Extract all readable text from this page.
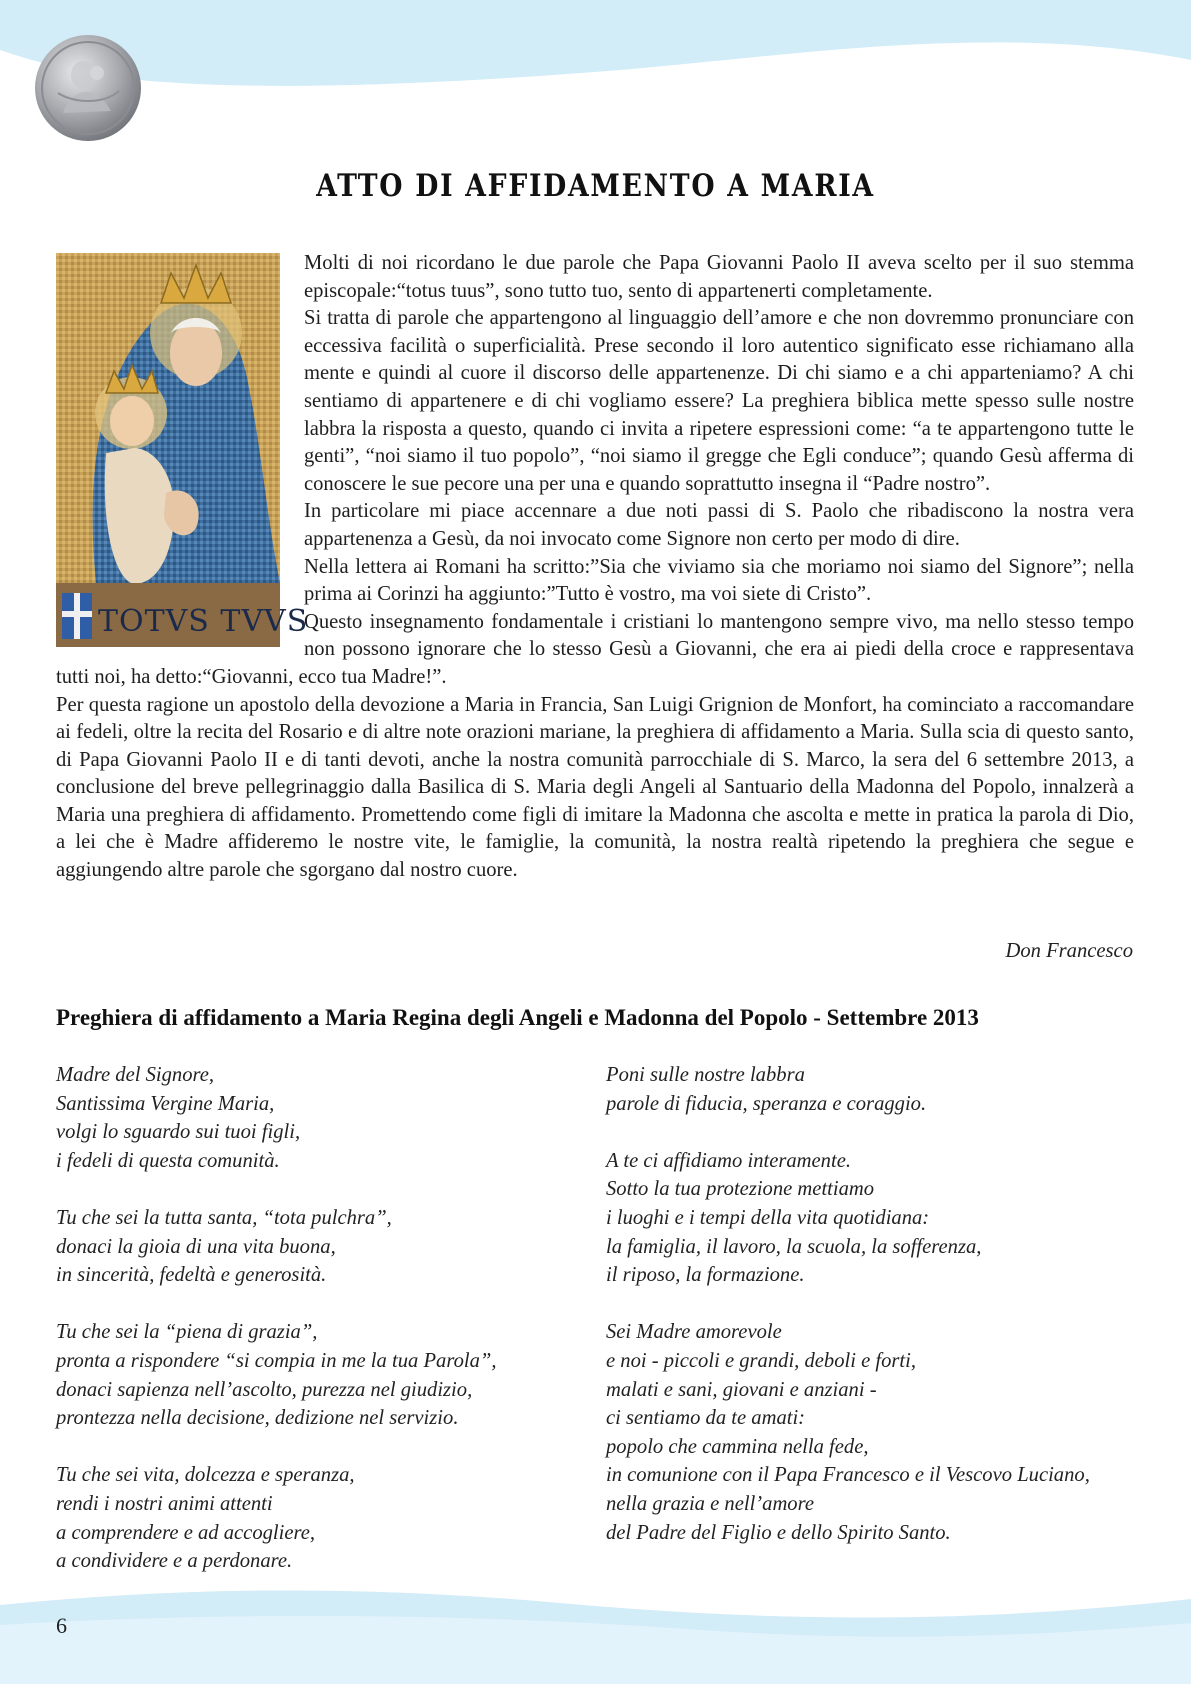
ATTO DI AFFIDAMENTO A MARIA
TOTVS TVVS

Molti di noi ricordano le due parole che Papa Giovanni Paolo II aveva scelto per il suo stemma episcopale:“totus tuus”, sono tutto tuo, sento di appartenerti completamente.

Si tratta di parole che appartengono al linguaggio dell’amore e che non dovremmo pronunciare con eccessiva facilità o superficialità. Prese secondo il loro autentico significato esse richiamano alla mente e quindi al cuore il discorso delle appartenenze. Di chi siamo e a chi apparteniamo? A chi sentiamo di appartenere e di chi vogliamo essere? La preghiera biblica mette spesso sulle nostre labbra la risposta a questo, quando ci invita a ripetere espressioni come: “a te appartengono tutte le genti”, “noi siamo il tuo popolo”, “noi siamo il gregge che Egli conduce”; quando Gesù afferma di conoscere le sue pecore una per una e quando soprattutto insegna il “Padre nostro”.

In particolare mi piace accennare a due noti passi di S. Paolo che ribadiscono la nostra vera appartenenza a Gesù, da noi invocato come Signore non certo per modo di dire.

Nella lettera ai Romani ha scritto:”Sia che viviamo sia che moriamo noi siamo del Signore”; nella prima ai Corinzi ha aggiunto:”Tutto è vostro, ma voi siete di Cristo”.

Questo insegnamento fondamentale i cristiani lo mantengono sempre vivo, ma nello stesso tempo non possono ignorare che lo stesso Gesù a Giovanni, che era ai piedi della croce e rappresentava tutti noi, ha detto:“Giovanni, ecco tua Madre!”.

Per questa ragione un apostolo della devozione a Maria in Francia, San Luigi Grignion de Monfort, ha cominciato a raccomandare ai fedeli, oltre la recita del Rosario e di altre note orazioni mariane, la preghiera di affidamento a Maria. Sulla scia di questo santo, di Papa Giovanni Paolo II e di tanti devoti, anche la nostra comunità parrocchiale di S. Marco, la sera del 6 settembre 2013, a conclusione del breve pellegrinaggio dalla Basilica di S. Maria degli Angeli al Santuario della Madonna del Popolo, innalzerà a Maria una preghiera di affidamento. Promettendo come figli di imitare la Madonna che ascolta e mette in pratica la parola di Dio, a lei che è Madre affideremo le nostre vite, le famiglie, la comunità, la nostra realtà ripetendo la preghiera che segue e aggiungendo altre parole che sgorgano dal nostro cuore.

Don Francesco
Preghiera di affidamento a Maria Regina degli Angeli e Madonna del Popolo - Settembre 2013

Madre del Signore,
Santissima Vergine Maria,
volgi lo sguardo sui tuoi figli,
i fedeli di questa comunità.

Tu che sei la tutta santa, “tota pulchra”,
donaci la gioia di una vita buona,
in sincerità, fedeltà e generosità.

Tu che sei la “piena di grazia”,
pronta a rispondere “si compia in me la tua Parola”,
donaci sapienza nell’ascolto, purezza nel giudizio,
prontezza nella decisione, dedizione nel servizio.

Tu che sei vita, dolcezza e speranza,
rendi i nostri animi attenti
a comprendere e ad accogliere,
a condividere e a perdonare.

Poni sulle nostre labbra
parole di fiducia, speranza e coraggio.

A te ci affidiamo interamente.
Sotto la tua protezione mettiamo
i luoghi e i tempi della vita quotidiana:
la famiglia, il lavoro, la scuola, la sofferenza,
il riposo, la formazione.

Sei Madre amorevole
e noi - piccoli e grandi, deboli e forti,
malati e sani, giovani e anziani -
ci sentiamo da te amati:
popolo che cammina nella fede,
in comunione con il Papa Francesco e il Vescovo Luciano,
nella grazia e nell’amore
del Padre del Figlio e dello Spirito Santo.

6
